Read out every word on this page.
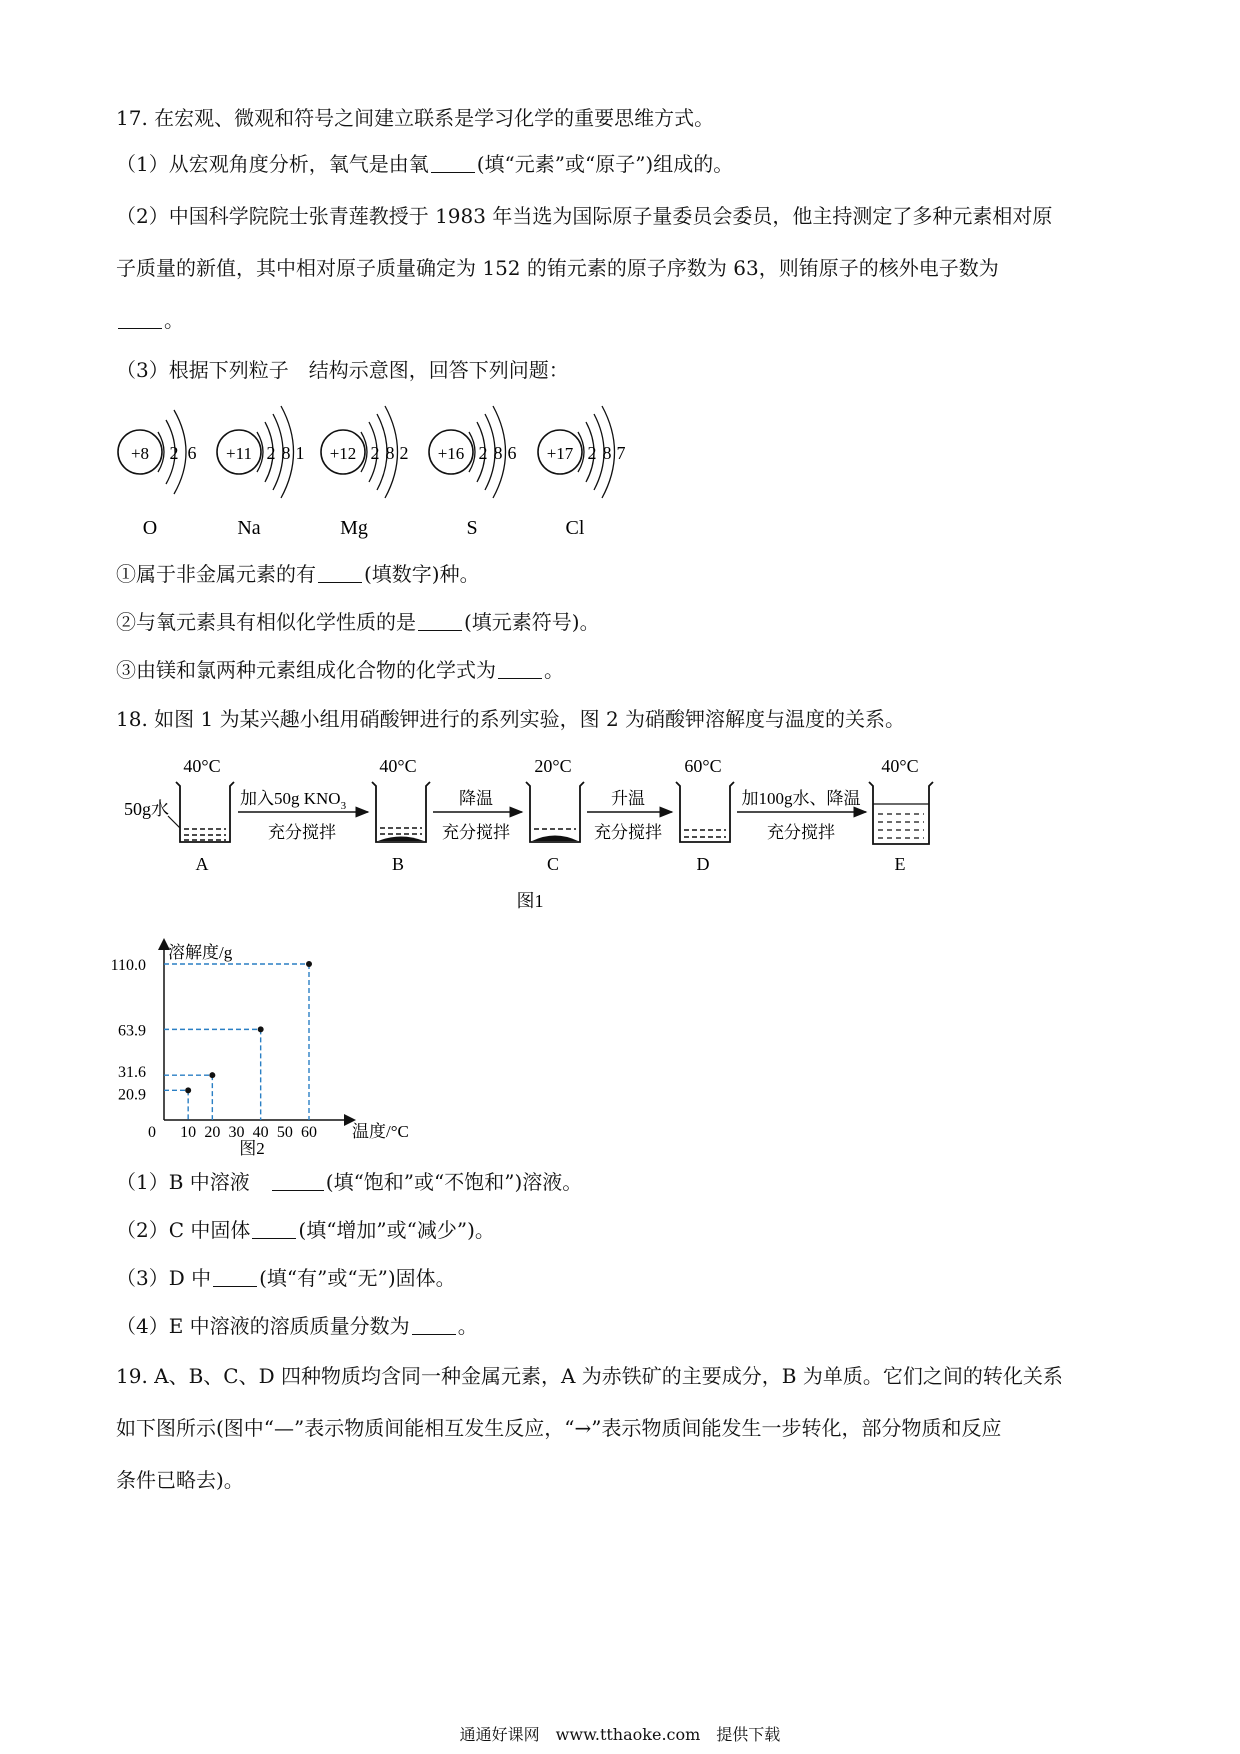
17. 在宏观、微观和符号之间建立联系是学习化学的重要思维方式。
（1）从宏观角度分析，氧气是由氧 (填“元素”或“原子”)组成的。
（2）中国科学院院士张青莲教授于 1983 年当选为国际原子量委员会委员，他主持测定了多种元素相对原
子质量的新值，其中相对原子质量确定为 152 的铕元素的原子序数为 63，则铕原子的核外电子数为
。
（3）根据下列粒子　结构示意图，回答下列问题：
+8 2 6
O
+11 2 8 1
Na
+12 2 8 2
Mg
+16 2 8 6
S
+17 2 8 7
Cl
①属于非金属元素的有 (填数字)种。
②与氧元素具有相似化学性质的是 (填元素符号)。
③由镁和氯两种元素组成化合物的化学式为 。
18. 如图 1 为某兴趣小组用硝酸钾进行的系列实验，图 2 为硝酸钾溶解度与温度的关系。
40°C	40°C	20°C	60°C	40°C
50g水
A
加入50g $KNO_3$
充分搅拌
B
降温
充分搅拌
C
升温
充分搅拌
D
加100g水、降温
充分搅拌
E
图1
溶解度/g
温度/°C
110.0
63.9
31.6
20.9
0 10 20 30 40 50 60
图2
（1）B 中溶液　	(填“饱和”或“不饱和”)溶液。
（2）C 中固体 (填“增加”或“减少”)。
（3）D 中 (填“有”或“无”)固体。
（4）E 中溶液的溶质质量分数为 。
19. A、B、C、D 四种物质均含同一种金属元素，A 为赤铁矿的主要成分，B 为单质。它们之间的转化关系
如下图所示(图中“—”表示物质间能相互发生反应，“→”表示物质间能发生一步转化，部分物质和反应
条件已略去)。
通通好课网　www.tthaoke.com　提供下载
